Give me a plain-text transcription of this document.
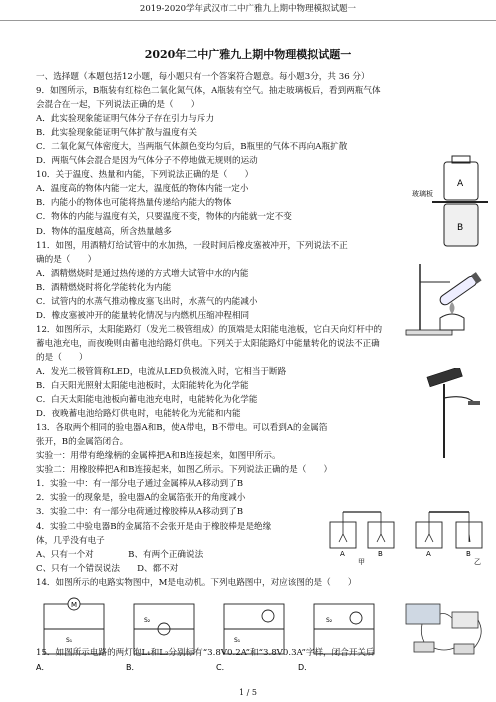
2019-2020学年武汉市二中广雅九上期中物理模拟试题一
2020年二中广雅九上期中物理模拟试题一
一、选择题（本题包括12小题，每小题只有一个答案符合题意。每小题3分，共 36 分）
9．如图所示，B瓶装有红棕色二氧化氮气体，A瓶装有空气。抽走玻璃板后，看到两瓶气体
会混合在一起，下列说法正确的是（　　）
A．此实验现象能证明气体分子存在引力与斥力
B．此实验现象能证明气体扩散与温度有关
C．二氧化氮气体密度大，当两瓶气体颜色变均匀后，B瓶里的气体不再向A瓶扩散
D．两瓶气体会混合是因为气体分子不停地做无规则的运动
10．关于温度、热量和内能，下列说法正确的是（　　）
A．温度高的物体内能一定大，温度低的物体内能一定小
B．内能小的物体也可能将热量传递给内能大的物体
C．物体的内能与温度有关，只要温度不变，物体的内能就一定不变
D．物体的温度越高，所含热量越多
11．如图，用酒精灯给试管中的水加热，一段时间后橡皮塞被冲开，下列说法不正
确的是（　　）
A．酒精燃烧时是通过热传递的方式增大试管中水的内能
B．酒精燃烧时将化学能转化为内能
C．试管内的水蒸气推动橡皮塞飞出时，水蒸气的内能减小
D．橡皮塞被冲开的能量转化情况与内燃机压缩冲程相同
12．如图所示，太阳能路灯（发光二极管组成）的顶端是太阳能电池板，它白天向灯杆中的
蓄电池充电，而夜晚则由蓄电池给路灯供电。下列关于太阳能路灯中能量转化的说法不正确
的是（　　）
A．发光二极管简称LED，电流从LED负极流入时，它相当于断路
B．白天阳光照射太阳能电池板时，太阳能转化为化学能
C．白天太阳能电池板向蓄电池充电时，电能转化为化学能
D．夜晚蓄电池给路灯供电时，电能转化为光能和内能
13．各取两个相同的验电器A和B，使A带电，B不带电。可以看到A的金属箔
张开，B的金属箔闭合。
实验一：用带有绝缘柄的金属棒把A和B连接起来，如图甲所示。
实验二：用橡胶棒把A和B连接起来，如图乙所示。下列说法正确的是（　　）
1．实验一中：有一部分电子通过金属棒从A移动到了B
2．实验一的现象是，验电器A的金属箔张开的角度减小
3．实验二中：有一部分电荷通过橡胶棒从A移动到了B
4．实验二中验电器B的金属箔不会张开是由于橡胶棒是是绝缘
体，几乎没有电子
A、只有一个对　　　　B、有两个正确说法
C、只有一个错误说法　　D、都不对
14．如图所示的电路实物图中，M是电动机。下列电路图中，对应该图的是（　　）
15．如图所示电路的两灯泡L₁和L₂分别标有“3.8V0.2A”和“3.8V0.3A”字样，闭合开关后
A
B
玻璃板
A	B
甲
A	B
乙
M
S₁
A．
S₂
B．
S₁
C．
S₂
D．
1 / 5
